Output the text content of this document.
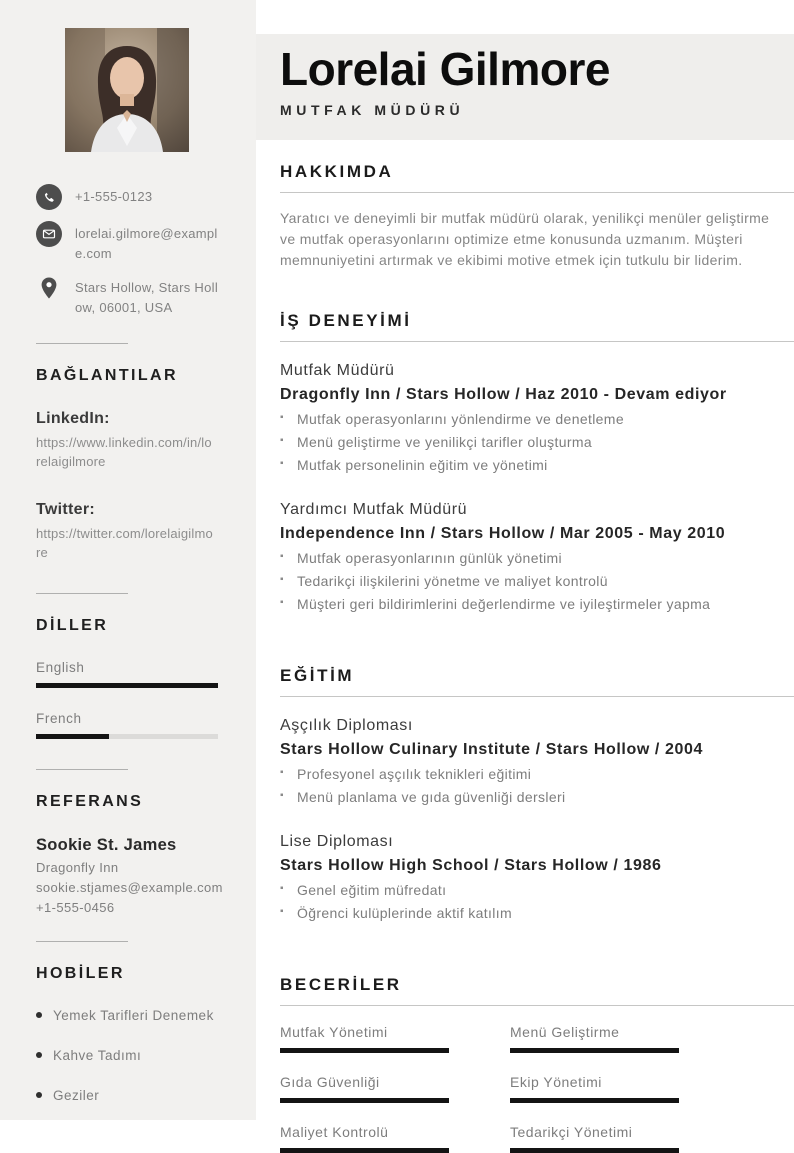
+1-555-0123
lorelai.gilmore@example.com
Stars Hollow, Stars Hollow, 06001, USA
BAĞLANTILAR
LinkedIn:
https://www.linkedin.com/in/lorelaigilmore
Twitter:
https://twitter.com/lorelaigilmore
DİLLER
English
French
REFERANS
Sookie St. James
Dragonfly Inn
sookie.stjames@example.com
+1-555-0456
HOBİLER
Yemek Tarifleri Denemek
Kahve Tadımı
Geziler
Lorelai Gilmore
MUTFAK MÜDÜRÜ
HAKKIMDA
Yaratıcı ve deneyimli bir mutfak müdürü olarak, yenilikçi menüler geliştirme ve mutfak operasyonlarını optimize etme konusunda uzmanım. Müşteri memnuniyetini artırmak ve ekibimi motive etmek için tutkulu bir liderim.
İŞ DENEYİMİ
Mutfak Müdürü
Dragonfly Inn / Stars Hollow / Haz 2010 - Devam ediyor
▪ Mutfak operasyonlarını yönlendirme ve denetleme
▪ Menü geliştirme ve yenilikçi tarifler oluşturma
▪ Mutfak personelinin eğitim ve yönetimi
Yardımcı Mutfak Müdürü
Independence Inn / Stars Hollow / Mar 2005 - May 2010
▪ Mutfak operasyonlarının günlük yönetimi
▪ Tedarikçi ilişkilerini yönetme ve maliyet kontrolü
▪ Müşteri geri bildirimlerini değerlendirme ve iyileştirmeler yapma
EĞİTİM
Aşçılık Diploması
Stars Hollow Culinary Institute / Stars Hollow / 2004
▪ Profesyonel aşçılık teknikleri eğitimi
▪ Menü planlama ve gıda güvenliği dersleri
Lise Diploması
Stars Hollow High School / Stars Hollow / 1986
▪ Genel eğitim müfredatı
▪ Öğrenci kulüplerinde aktif katılım
BECERİLER
Mutfak Yönetimi	Menü Geliştirme
Gıda Güvenliği	Ekip Yönetimi
Maliyet Kontrolü	Tedarikçi Yönetimi
